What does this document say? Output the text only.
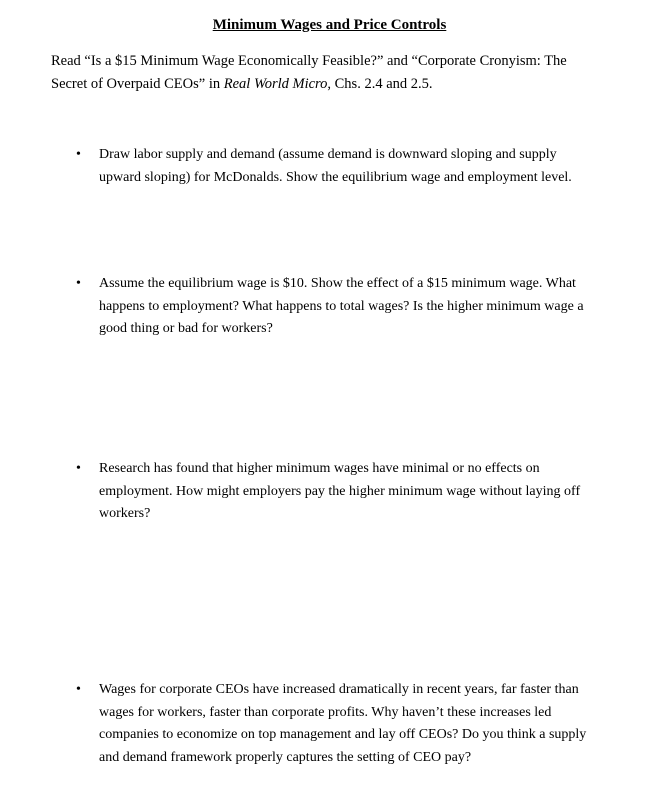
Minimum Wages and Price Controls

Read “Is a $15 Minimum Wage Economically Feasible?” and “Corporate Cronyism: The

Secret of Overpaid CEOs” in Real World Micro, Chs. 2.4 and 2.5.

• Draw labor supply and demand (assume demand is downward sloping and supply
upward sloping) for McDonalds. Show the equilibrium wage and employment level.
• Assume the equilibrium wage is $10. Show the effect of a $15 minimum wage. What
happens to employment? What happens to total wages? Is the higher minimum wage a
good thing or bad for workers?
• Research has found that higher minimum wages have minimal or no effects on
employment. How might employers pay the higher minimum wage without laying off
workers?
• Wages for corporate CEOs have increased dramatically in recent years, far faster than
wages for workers, faster than corporate profits. Why haven’t these increases led
companies to economize on top management and lay off CEOs? Do you think a supply
and demand framework properly captures the setting of CEO pay?
